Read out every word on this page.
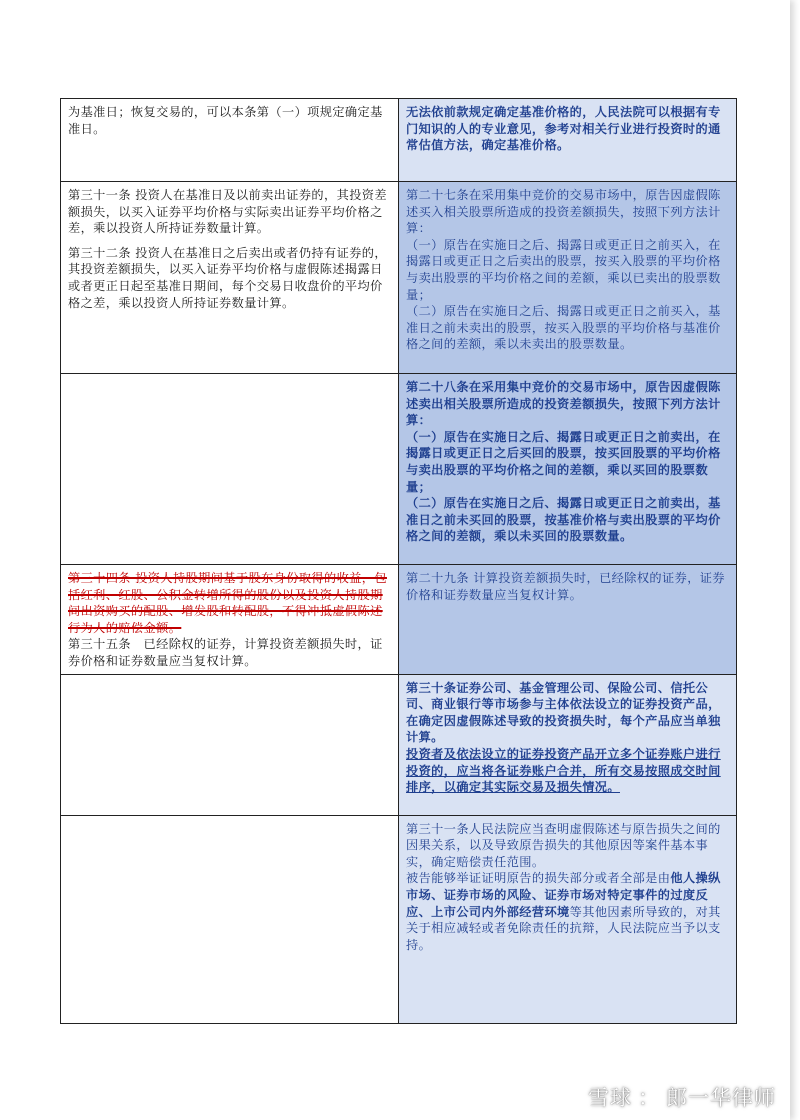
为基准日；恢复交易的，可以本条第（一）项规定确定基准日。	无法依前款规定确定基准价格的，人民法院可以根据有专门知识的人的专业意见，参考对相关行业进行投资时的通常估值方法，确定基准价格。

第三十一条 投资人在基准日及以前卖出证券的，其投资差额损失，以买入证券平均价格与实际卖出证券平均价格之差，乘以投资人所持证券数量计算。
第三十二条 投资人在基准日之后卖出或者仍持有证券的，其投资差额损失，以买入证券平均价格与虚假陈述揭露日或者更正日起至基准日期间，每个交易日收盘价的平均价格之差，乘以投资人所持证券数量计算。	第二十七条在采用集中竞价的交易市场中，原告因虚假陈述买入相关股票所造成的投资差额损失，按照下列方法计算：
（一）原告在实施日之后、揭露日或更正日之前买入，在揭露日或更正日之后卖出的股票，按买入股票的平均价格与卖出股票的平均价格之间的差额，乘以已卖出的股票数量；
（二）原告在实施日之后、揭露日或更正日之前买入，基准日之前未卖出的股票，按买入股票的平均价格与基准价格之间的差额，乘以未卖出的股票数量。

	第二十八条在采用集中竞价的交易市场中，原告因虚假陈述卖出相关股票所造成的投资差额损失，按照下列方法计算：
（一）原告在实施日之后、揭露日或更正日之前卖出，在揭露日或更正日之后买回的股票，按买回股票的平均价格与卖出股票的平均价格之间的差额，乘以买回的股票数量；
（二）原告在实施日之后、揭露日或更正日之前卖出，基准日之前未买回的股票，按基准价格与卖出股票的平均价格之间的差额，乘以未买回的股票数量。

第三十四条 投资人持股期间基于股东身份取得的收益，包括红利、红股、公积金转增所得的股份以及投资人持股期间出资购买的配股、增发股和转配股，不得冲抵虚假陈述行为人的赔偿金额。
第三十五条　已经除权的证券，计算投资差额损失时，证券价格和证券数量应当复权计算。	第二十九条 计算投资差额损失时，已经除权的证券，证券价格和证券数量应当复权计算。

	第三十条证券公司、基金管理公司、保险公司、信托公司、商业银行等市场参与主体依法设立的证券投资产品，在确定因虚假陈述导致的投资损失时，每个产品应当单独计算。
投资者及依法设立的证券投资产品开立多个证券账户进行投资的，应当将各证券账户合并，所有交易按照成交时间排序，以确定其实际交易及损失情况。

	第三十一条人民法院应当查明虚假陈述与原告损失之间的因果关系，以及导致原告损失的其他原因等案件基本事实，确定赔偿责任范围。
被告能够举证证明原告的损失部分或者全部是由他人操纵市场、证券市场的风险、证券市场对特定事件的过度反应、上市公司内外部经营环境等其他因素所导致的，对其关于相应减轻或者免除责任的抗辩，人民法院应当予以支持。
雪球 ： 郎一华律师
